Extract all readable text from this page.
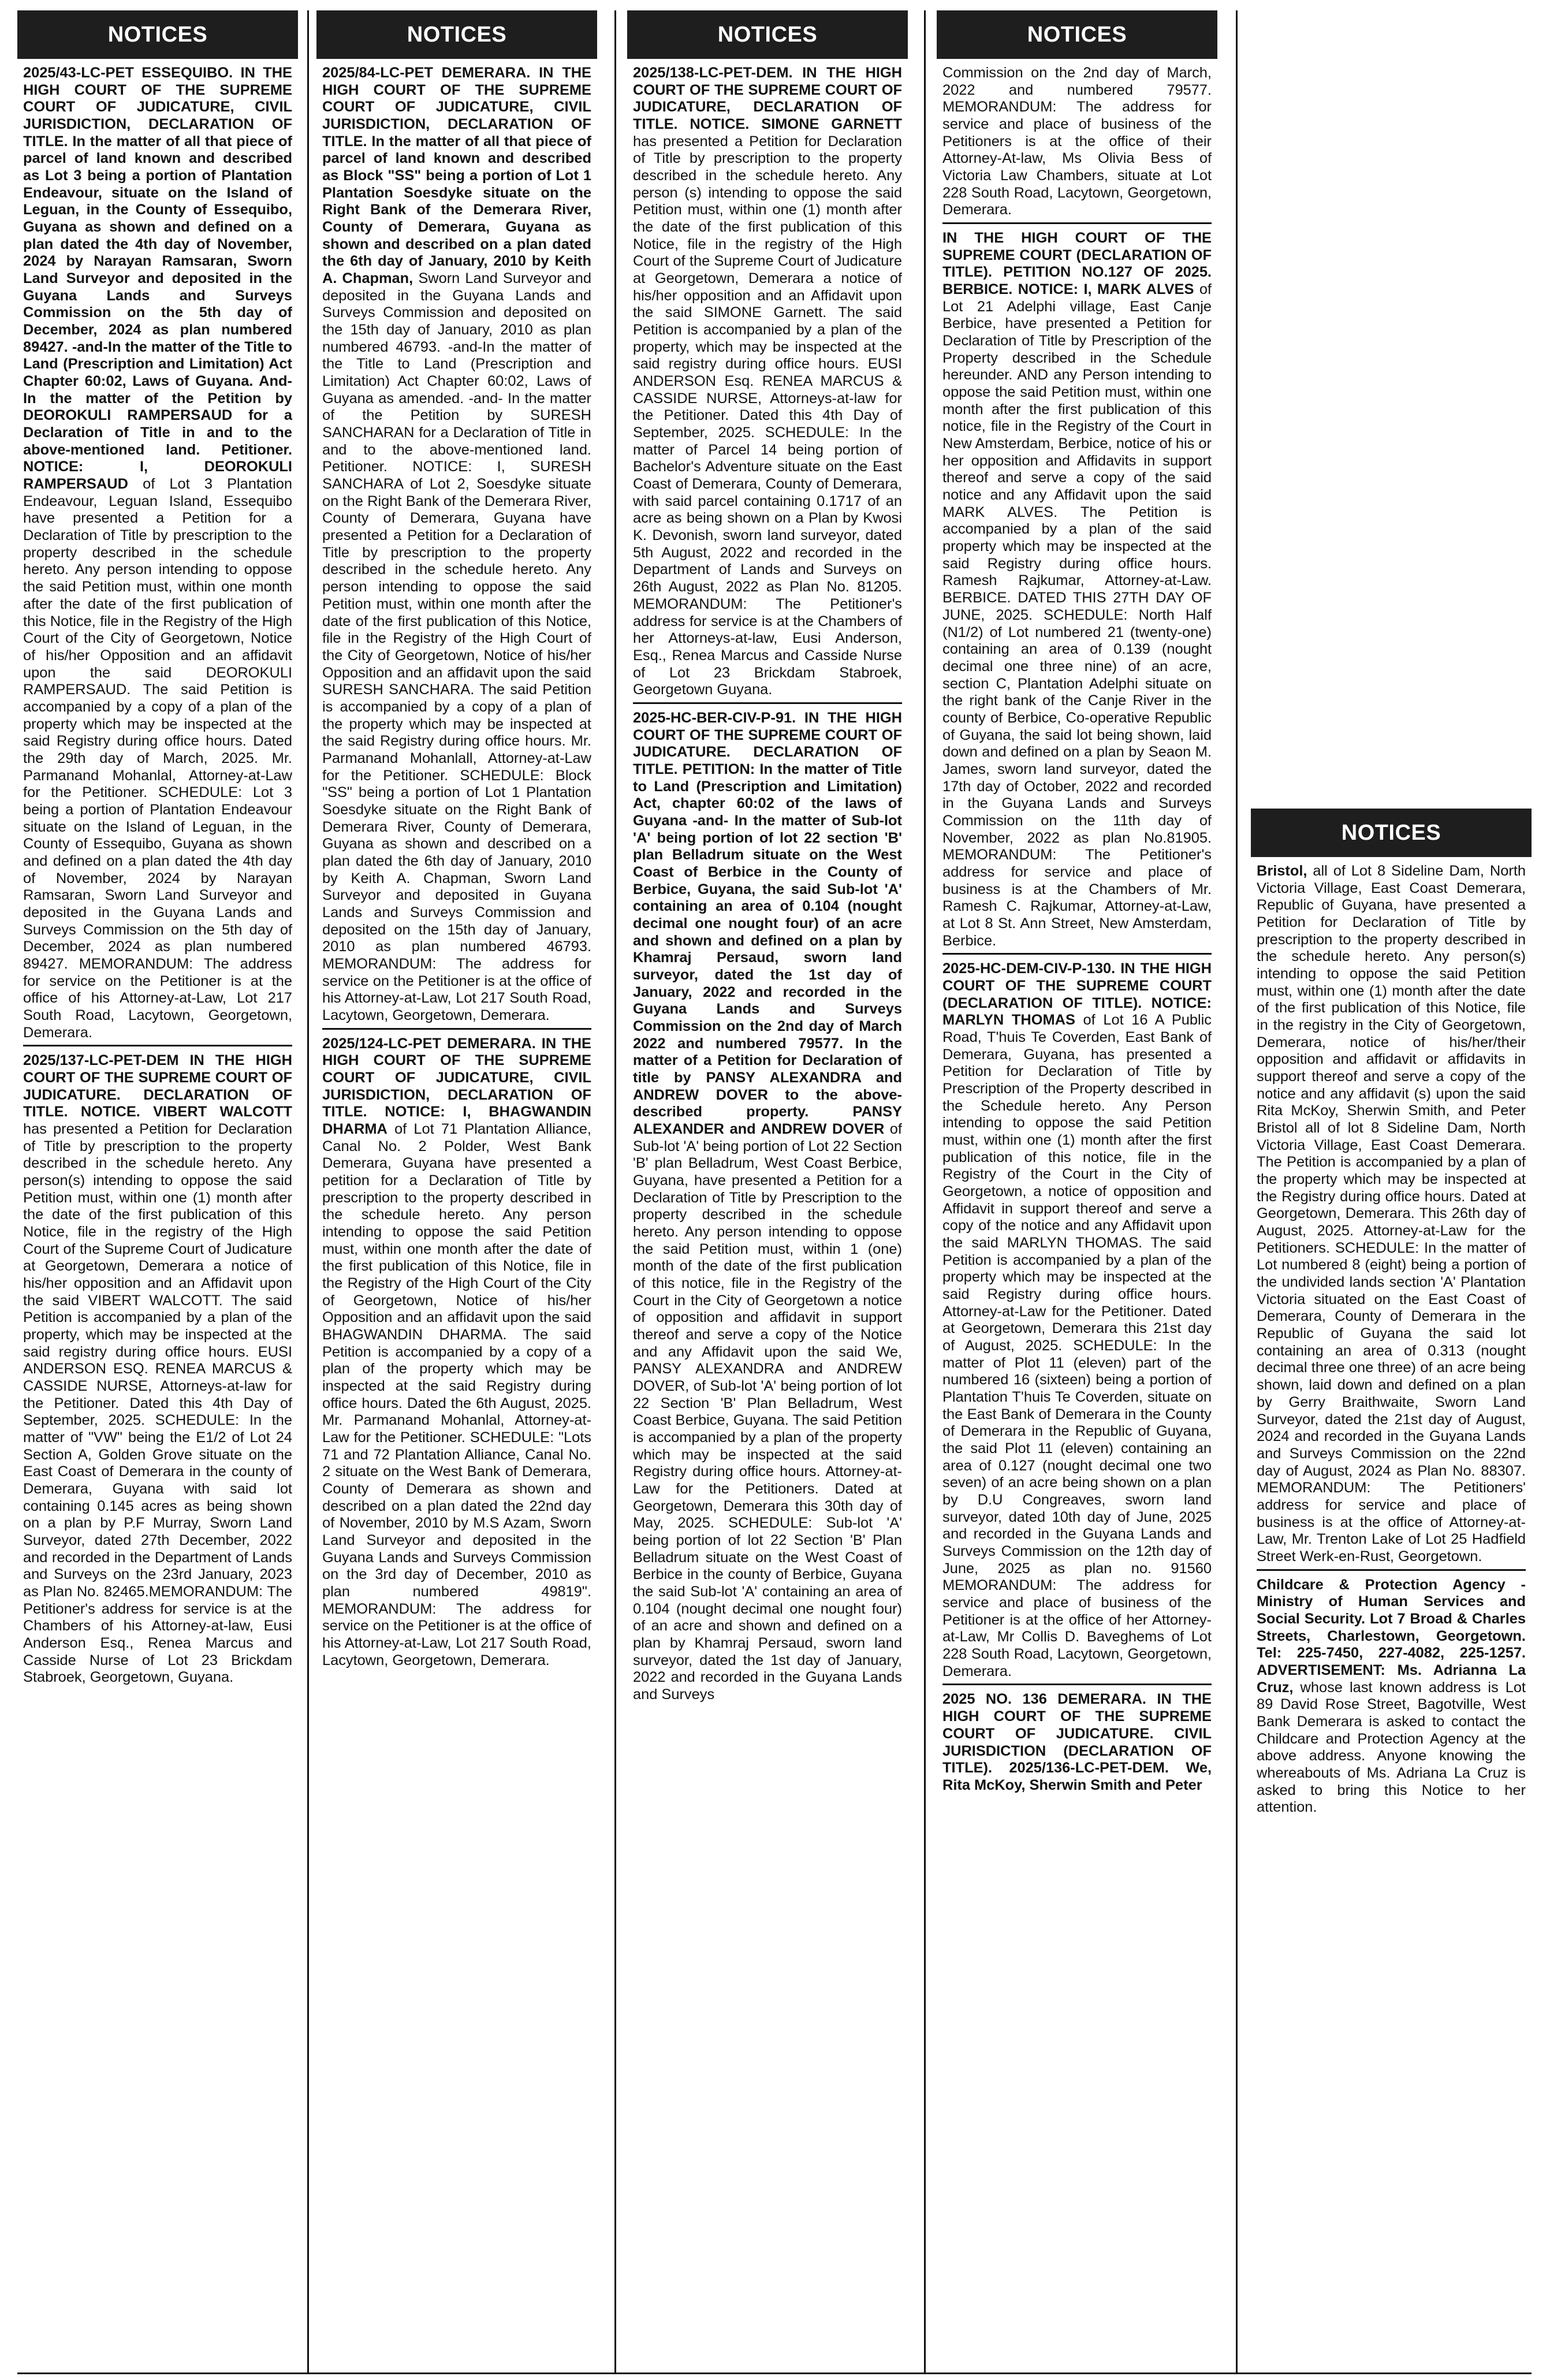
NOTICES
2025/43-LC-PET ESSEQUIBO. IN THE HIGH COURT OF THE SUPREME COURT OF JUDICATURE, CIVIL JURISDICTION, DECLARATION OF TITLE. In the matter of all that piece of parcel of land known and described as Lot 3 being a portion of Plantation Endeavour, situate on the Island of Leguan, in the County of Essequibo, Guyana as shown and defined on a plan dated the 4th day of November, 2024 by Narayan Ramsaran, Sworn Land Surveyor and deposited in the Guyana Lands and Surveys Commission on the 5th day of December, 2024 as plan numbered 89427. -and-In the matter of the Title to Land (Prescription and Limitation) Act Chapter 60:02, Laws of Guyana. And- In the matter of the Petition by DEOROKULI RAMPERSAUD for a Declaration of Title in and to the above-mentioned land. Petitioner. NOTICE: I, DEOROKULI RAMPERSAUD of Lot 3 Plantation Endeavour, Leguan Island, Essequibo have presented a Petition for a Declaration of Title by prescription to the property described in the schedule hereto. Any person intending to oppose the said Petition must, within one month after the date of the first publication of this Notice, file in the Registry of the High Court of the City of Georgetown, Notice of his/her Opposition and an affidavit upon the said DEOROKULI RAMPERSAUD. The said Petition is accompanied by a copy of a plan of the property which may be inspected at the said Registry during office hours. Dated the 29th day of March, 2025. Mr. Parmanand Mohanlal, Attorney-at-Law for the Petitioner. SCHEDULE: Lot 3 being a portion of Plantation Endeavour situate on the Island of Leguan, in the County of Essequibo, Guyana as shown and defined on a plan dated the 4th day of November, 2024 by Narayan Ramsaran, Sworn Land Surveyor and deposited in the Guyana Lands and Surveys Commission on the 5th day of December, 2024 as plan numbered 89427. MEMORANDUM: The address for service on the Petitioner is at the office of his Attorney-at-Law, Lot 217 South Road, Lacytown, Georgetown, Demerara.
2025/137-LC-PET-DEM IN THE HIGH COURT OF THE SUPREME COURT OF JUDICATURE. DECLARATION OF TITLE. NOTICE. VIBERT WALCOTT has presented a Petition for Declaration of Title by prescription to the property described in the schedule hereto. Any person(s) intending to oppose the said Petition must, within one (1) month after the date of the first publication of this Notice, file in the registry of the High Court of the Supreme Court of Judicature at Georgetown, Demerara a notice of his/her opposition and an Affidavit upon the said VIBERT WALCOTT. The said Petition is accompanied by a plan of the property, which may be inspected at the said registry during office hours. EUSI ANDERSON ESQ. RENEA MARCUS & CASSIDE NURSE, Attorneys-at-law for the Petitioner. Dated this 4th Day of September, 2025. SCHEDULE: In the matter of "VW" being the E1/2 of Lot 24 Section A, Golden Grove situate on the East Coast of Demerara in the county of Demerara, Guyana with said lot containing 0.145 acres as being shown on a plan by P.F Murray, Sworn Land Surveyor, dated 27th December, 2022 and recorded in the Department of Lands and Surveys on the 23rd January, 2023 as Plan No. 82465.MEMORANDUM: The Petitioner's address for service is at the Chambers of his Attorney-at-law, Eusi Anderson Esq., Renea Marcus and Casside Nurse of Lot 23 Brickdam Stabroek, Georgetown, Guyana.
NOTICES
2025/84-LC-PET DEMERARA. IN THE HIGH COURT OF THE SUPREME COURT OF JUDICATURE, CIVIL JURISDICTION, DECLARATION OF TITLE. In the matter of all that piece of parcel of land known and described as Block "SS" being a portion of Lot 1 Plantation Soesdyke situate on the Right Bank of the Demerara River, County of Demerara, Guyana as shown and described on a plan dated the 6th day of January, 2010 by Keith A. Chapman, Sworn Land Surveyor and deposited in the Guyana Lands and Surveys Commission and deposited on the 15th day of January, 2010 as plan numbered 46793. -and-In the matter of the Title to Land (Prescription and Limitation) Act Chapter 60:02, Laws of Guyana as amended. -and- In the matter of the Petition by SURESH SANCHARAN for a Declaration of Title in and to the above-mentioned land. Petitioner. NOTICE: I, SURESH SANCHARA of Lot 2, Soesdyke situate on the Right Bank of the Demerara River, County of Demerara, Guyana have presented a Petition for a Declaration of Title by prescription to the property described in the schedule hereto. Any person intending to oppose the said Petition must, within one month after the date of the first publication of this Notice, file in the Registry of the High Court of the City of Georgetown, Notice of his/her Opposition and an affidavit upon the said SURESH SANCHARA. The said Petition is accompanied by a copy of a plan of the property which may be inspected at the said Registry during office hours. Mr. Parmanand Mohanlall, Attorney-at-Law for the Petitioner. SCHEDULE: Block "SS" being a portion of Lot 1 Plantation Soesdyke situate on the Right Bank of Demerara River, County of Demerara, Guyana as shown and described on a plan dated the 6th day of January, 2010 by Keith A. Chapman, Sworn Land Surveyor and deposited in Guyana Lands and Surveys Commission and deposited on the 15th day of January, 2010 as plan numbered 46793. MEMORANDUM: The address for service on the Petitioner is at the office of his Attorney-at-Law, Lot 217 South Road, Lacytown, Georgetown, Demerara.
2025/124-LC-PET DEMERARA. IN THE HIGH COURT OF THE SUPREME COURT OF JUDICATURE, CIVIL JURISDICTION, DECLARATION OF TITLE. NOTICE: I, BHAGWANDIN DHARMA of Lot 71 Plantation Alliance, Canal No. 2 Polder, West Bank Demerara, Guyana have presented a petition for a Declaration of Title by prescription to the property described in the schedule hereto. Any person intending to oppose the said Petition must, within one month after the date of the first publication of this Notice, file in the Registry of the High Court of the City of Georgetown, Notice of his/her Opposition and an affidavit upon the said BHAGWANDIN DHARMA. The said Petition is accompanied by a copy of a plan of the property which may be inspected at the said Registry during office hours. Dated the 6th August, 2025. Mr. Parmanand Mohanlal, Attorney-at-Law for the Petitioner. SCHEDULE: "Lots 71 and 72 Plantation Alliance, Canal No. 2 situate on the West Bank of Demerara, County of Demerara as shown and described on a plan dated the 22nd day of November, 2010 by M.S Azam, Sworn Land Surveyor and deposited in the Guyana Lands and Surveys Commission on the 3rd day of December, 2010 as plan numbered 49819". MEMORANDUM: The address for service on the Petitioner is at the office of his Attorney-at-Law, Lot 217 South Road, Lacytown, Georgetown, Demerara.
NOTICES
2025/138-LC-PET-DEM. IN THE HIGH COURT OF THE SUPREME COURT OF JUDICATURE, DECLARATION OF TITLE. NOTICE. SIMONE GARNETT has presented a Petition for Declaration of Title by prescription to the property described in the schedule hereto. Any person (s) intending to oppose the said Petition must, within one (1) month after the date of the first publication of this Notice, file in the registry of the High Court of the Supreme Court of Judicature at Georgetown, Demerara a notice of his/her opposition and an Affidavit upon the said SIMONE Garnett. The said Petition is accompanied by a plan of the property, which may be inspected at the said registry during office hours. EUSI ANDERSON Esq. RENEA MARCUS & CASSIDE NURSE, Attorneys-at-law for the Petitioner. Dated this 4th Day of September, 2025. SCHEDULE: In the matter of Parcel 14 being portion of Bachelor's Adventure situate on the East Coast of Demerara, County of Demerara, with said parcel containing 0.1717 of an acre as being shown on a Plan by Kwosi K. Devonish, sworn land surveyor, dated 5th August, 2022 and recorded in the Department of Lands and Surveys on 26th August, 2022 as Plan No. 81205. MEMORANDUM: The Petitioner's address for service is at the Chambers of her Attorneys-at-law, Eusi Anderson, Esq., Renea Marcus and Casside Nurse of Lot 23 Brickdam Stabroek, Georgetown Guyana.
2025-HC-BER-CIV-P-91. IN THE HIGH COURT OF THE SUPREME COURT OF JUDICATURE. DECLARATION OF TITLE. PETITION: In the matter of Title to Land (Prescription and Limitation) Act, chapter 60:02 of the laws of Guyana -and- In the matter of Sub-lot 'A' being portion of lot 22 section 'B' plan Belladrum situate on the West Coast of Berbice in the County of Berbice, Guyana, the said Sub-lot 'A' containing an area of 0.104 (nought decimal one nought four) of an acre and shown and defined on a plan by Khamraj Persaud, sworn land surveyor, dated the 1st day of January, 2022 and recorded in the Guyana Lands and Surveys Commission on the 2nd day of March 2022 and numbered 79577. In the matter of a Petition for Declaration of title by PANSY ALEXANDRA and ANDREW DOVER to the above-described property. PANSY ALEXANDER and ANDREW DOVER of Sub-lot 'A' being portion of Lot 22 Section 'B' plan Belladrum, West Coast Berbice, Guyana, have presented a Petition for a Declaration of Title by Prescription to the property described in the schedule hereto. Any person intending to oppose the said Petition must, within 1 (one) month of the date of the first publication of this notice, file in the Registry of the Court in the City of Georgetown a notice of opposition and affidavit in support thereof and serve a copy of the Notice and any Affidavit upon the said We, PANSY ALEXANDRA and ANDREW DOVER, of Sub-lot 'A' being portion of lot 22 Section 'B' Plan Belladrum, West Coast Berbice, Guyana. The said Petition is accompanied by a plan of the property which may be inspected at the said Registry during office hours. Attorney-at-Law for the Petitioners. Dated at Georgetown, Demerara this 30th day of May, 2025. SCHEDULE: Sub-lot 'A' being portion of lot 22 Section 'B' Plan Belladrum situate on the West Coast of Berbice in the county of Berbice, Guyana the said Sub-lot 'A' containing an area of 0.104 (nought decimal one nought four) of an acre and shown and defined on a plan by Khamraj Persaud, sworn land surveyor, dated the 1st day of January, 2022 and recorded in the Guyana Lands and Surveys
NOTICES
Commission on the 2nd day of March, 2022 and numbered 79577. MEMORANDUM: The address for service and place of business of the Petitioners is at the office of their Attorney-At-law, Ms Olivia Bess of Victoria Law Chambers, situate at Lot 228 South Road, Lacytown, Georgetown, Demerara.
IN THE HIGH COURT OF THE SUPREME COURT (DECLARATION OF TITLE). PETITION NO.127 OF 2025. BERBICE. NOTICE: I, MARK ALVES of Lot 21 Adelphi village, East Canje Berbice, have presented a Petition for Declaration of Title by Prescription of the Property described in the Schedule hereunder. AND any Person intending to oppose the said Petition must, within one month after the first publication of this notice, file in the Registry of the Court in New Amsterdam, Berbice, notice of his or her opposition and Affidavits in support thereof and serve a copy of the said notice and any Affidavit upon the said MARK ALVES. The Petition is accompanied by a plan of the said property which may be inspected at the said Registry during office hours. Ramesh Rajkumar, Attorney-at-Law. BERBICE. DATED THIS 27TH DAY OF JUNE, 2025. SCHEDULE: North Half (N1/2) of Lot numbered 21 (twenty-one) containing an area of 0.139 (nought decimal one three nine) of an acre, section C, Plantation Adelphi situate on the right bank of the Canje River in the county of Berbice, Co-operative Republic of Guyana, the said lot being shown, laid down and defined on a plan by Seaon M. James, sworn land surveyor, dated the 17th day of October, 2022 and recorded in the Guyana Lands and Surveys Commission on the 11th day of November, 2022 as plan No.81905. MEMORANDUM: The Petitioner's address for service and place of business is at the Chambers of Mr. Ramesh C. Rajkumar, Attorney-at-Law, at Lot 8 St. Ann Street, New Amsterdam, Berbice.
2025-HC-DEM-CIV-P-130. IN THE HIGH COURT OF THE SUPREME COURT (DECLARATION OF TITLE). NOTICE: MARLYN THOMAS of Lot 16 A Public Road, T'huis Te Coverden, East Bank of Demerara, Guyana, has presented a Petition for Declaration of Title by Prescription of the Property described in the Schedule hereto. Any Person intending to oppose the said Petition must, within one (1) month after the first publication of this notice, file in the Registry of the Court in the City of Georgetown, a notice of opposition and Affidavit in support thereof and serve a copy of the notice and any Affidavit upon the said MARLYN THOMAS. The said Petition is accompanied by a plan of the property which may be inspected at the said Registry during office hours. Attorney-at-Law for the Petitioner. Dated at Georgetown, Demerara this 21st day of August, 2025. SCHEDULE: In the matter of Plot 11 (eleven) part of the numbered 16 (sixteen) being a portion of Plantation T'huis Te Coverden, situate on the East Bank of Demerara in the County of Demerara in the Republic of Guyana, the said Plot 11 (eleven) containing an area of 0.127 (nought decimal one two seven) of an acre being shown on a plan by D.U Congreaves, sworn land surveyor, dated 10th day of June, 2025 and recorded in the Guyana Lands and Surveys Commission on the 12th day of June, 2025 as plan no. 91560 MEMORANDUM: The address for service and place of business of the Petitioner is at the office of her Attorney-at-Law, Mr Collis D. Baveghems of Lot 228 South Road, Lacytown, Georgetown, Demerara.
2025 NO. 136 DEMERARA. IN THE HIGH COURT OF THE SUPREME COURT OF JUDICATURE. CIVIL JURISDICTION (DECLARATION OF TITLE). 2025/136-LC-PET-DEM. We, Rita McKoy, Sherwin Smith and Peter
NOTICES
Bristol, all of Lot 8 Sideline Dam, North Victoria Village, East Coast Demerara, Republic of Guyana, have presented a Petition for Declaration of Title by prescription to the property described in the schedule hereto. Any person(s) intending to oppose the said Petition must, within one (1) month after the date of the first publication of this Notice, file in the registry in the City of Georgetown, Demerara, notice of his/her/their opposition and affidavit or affidavits in support thereof and serve a copy of the notice and any affidavit (s) upon the said Rita McKoy, Sherwin Smith, and Peter Bristol all of lot 8 Sideline Dam, North Victoria Village, East Coast Demerara. The Petition is accompanied by a plan of the property which may be inspected at the Registry during office hours. Dated at Georgetown, Demerara. This 26th day of August, 2025. Attorney-at-Law for the Petitioners. SCHEDULE: In the matter of Lot numbered 8 (eight) being a portion of the undivided lands section 'A' Plantation Victoria situated on the East Coast of Demerara, County of Demerara in the Republic of Guyana the said lot containing an area of 0.313 (nought decimal three one three) of an acre being shown, laid down and defined on a plan by Gerry Braithwaite, Sworn Land Surveyor, dated the 21st day of August, 2024 and recorded in the Guyana Lands and Surveys Commission on the 22nd day of August, 2024 as Plan No. 88307. MEMORANDUM: The Petitioners' address for service and place of business is at the office of Attorney-at-Law, Mr. Trenton Lake of Lot 25 Hadfield Street Werk-en-Rust, Georgetown.
Childcare & Protection Agency - Ministry of Human Services and Social Security. Lot 7 Broad & Charles Streets, Charlestown, Georgetown. Tel: 225-7450, 227-4082, 225-1257. ADVERTISEMENT: Ms. Adrianna La Cruz, whose last known address is Lot 89 David Rose Street, Bagotville, West Bank Demerara is asked to contact the Childcare and Protection Agency at the above address. Anyone knowing the whereabouts of Ms. Adriana La Cruz is asked to bring this Notice to her attention.
